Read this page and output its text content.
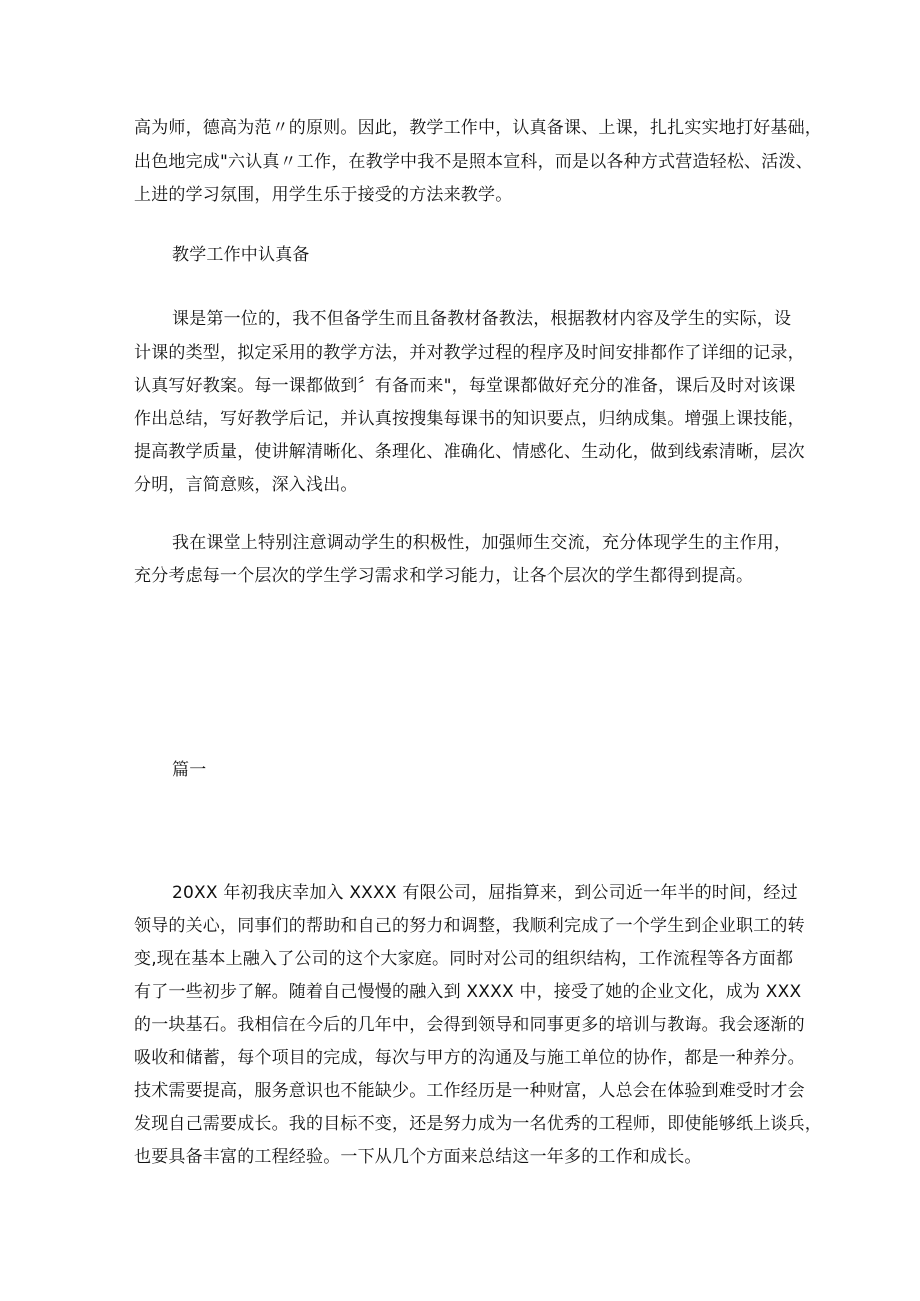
高为师，德高为范〃的原则。因此，教学工作中，认真备课、上课，扎扎实实地打好基础，
出色地完成"六认真〃工作，在教学中我不是照本宣科，而是以各种方式营造轻松、活泼、
上进的学习氛围，用学生乐于接受的方法来教学。
教学工作中认真备
课是第一位的，我不但备学生而且备教材备教法，根据教材内容及学生的实际，设
计课的类型，拟定采用的教学方法，并对教学过程的程序及时间安排都作了详细的记录，
认真写好教案。每一课都做到〞有备而来"，每堂课都做好充分的准备，课后及时对该课
作出总结，写好教学后记，并认真按搜集每课书的知识要点，归纳成集。增强上课技能，
提高教学质量，使讲解清晰化、条理化、准确化、情感化、生动化，做到线索清晰，层次
分明，言简意赅，深入浅出。
我在课堂上特别注意调动学生的积极性，加强师生交流，充分体现学生的主作用，
充分考虑每一个层次的学生学习需求和学习能力，让各个层次的学生都得到提高。
篇一
20XX 年初我庆幸加入 XXXX 有限公司，屈指算来，到公司近一年半的时间，经过
领导的关心，同事们的帮助和自己的努力和调整，我顺利完成了一个学生到企业职工的转
变,现在基本上融入了公司的这个大家庭。同时对公司的组织结构，工作流程等各方面都
有了一些初步了解。随着自己慢慢的融入到 XXXX 中，接受了她的企业文化，成为 XXX
的一块基石。我相信在今后的几年中，会得到领导和同事更多的培训与教诲。我会逐渐的
吸收和储蓄，每个项目的完成，每次与甲方的沟通及与施工单位的协作，都是一种养分。
技术需要提高，服务意识也不能缺少。工作经历是一种财富，人总会在体验到难受时才会
发现自己需要成长。我的目标不变，还是努力成为一名优秀的工程师，即使能够纸上谈兵，
也要具备丰富的工程经验。一下从几个方面来总结这一年多的工作和成长。
